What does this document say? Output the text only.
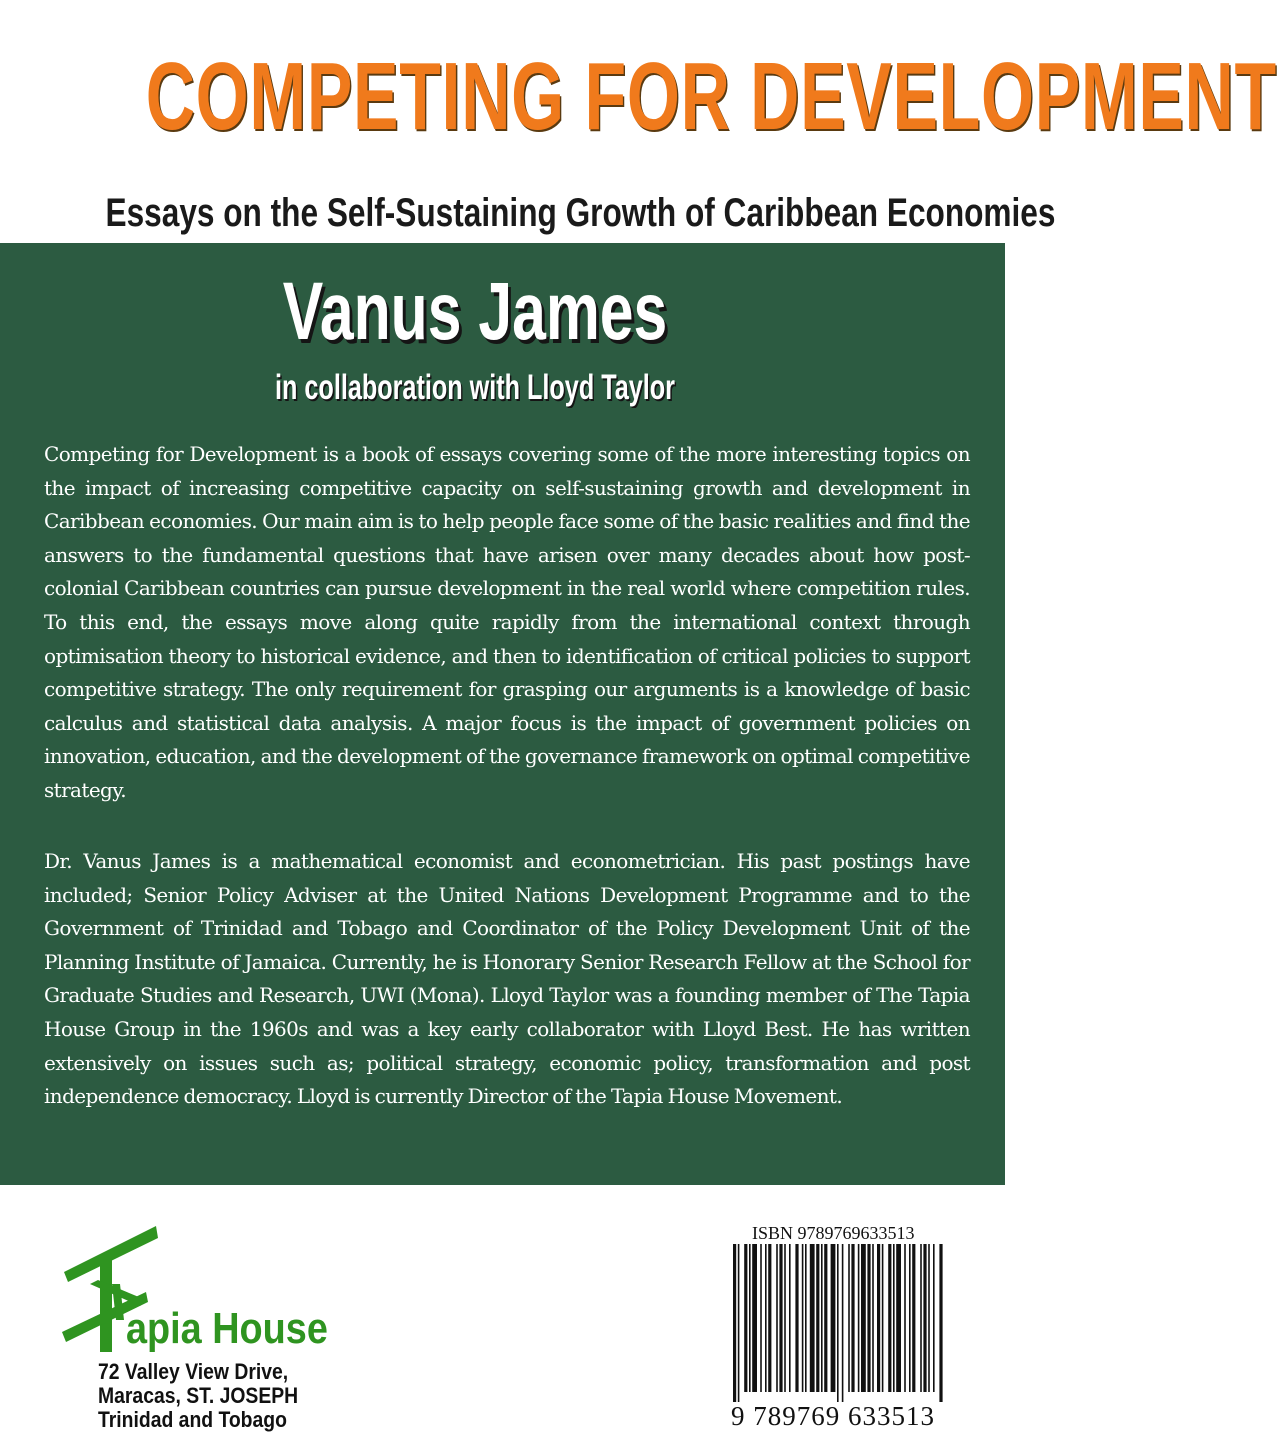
COMPETING FOR DEVELOPMENT
Essays on the Self-Sustaining Growth of Caribbean Economies
Vanus James
in collaboration with Lloyd Taylor

Competing for Development is a book of essays covering some of the more interesting topics on the impact of increasing competitive capacity on self-sustaining growth and development in Caribbean economies. Our main aim is to help people face some of the basic realities and find the answers to the fundamental questions that have arisen over many decades about how post-colonial Caribbean countries can pursue development in the real world where competition rules. To this end, the essays move along quite rapidly from the international context through optimisation theory to historical evidence, and then to identification of critical policies to support competitive strategy. The only requirement for grasping our arguments is a knowledge of basic calculus and statistical data analysis. A major focus is the impact of government policies on innovation, education, and the development of the governance framework on optimal competitive strategy.

Dr. Vanus James is a mathematical economist and econometrician. His past postings have included; Senior Policy Adviser at the United Nations Development Programme and to the Government of Trinidad and Tobago and Coordinator of the Policy Development Unit of the Planning Institute of Jamaica. Currently, he is Honorary Senior Research Fellow at the School for Graduate Studies and Research, UWI (Mona). Lloyd Taylor was a founding member of The Tapia House Group in the 1960s and was a key early collaborator with Lloyd Best. He has written extensively on issues such as; political strategy, economic policy, transformation and post independence democracy. Lloyd is currently Director of the Tapia House Movement.

apia House
72 Valley View Drive,
Maracas, ST. JOSEPH
Trinidad and Tobago
ISBN 9789769633513
9 789769 633513
